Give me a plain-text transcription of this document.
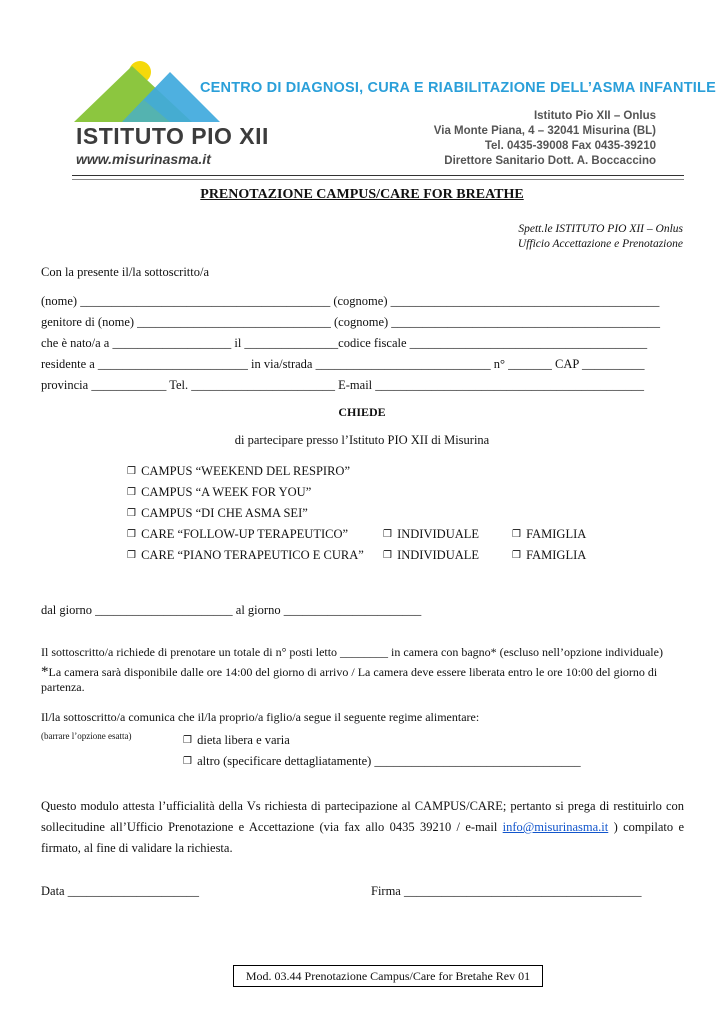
ISTITUTO PIO XII
www.misurinasma.it
CENTRO DI DIAGNOSI, CURA E RIABILITAZIONE DELL’ASMA INFANTILE
Istituto Pio XII – Onlus
Via Monte Piana, 4 – 32041 Misurina (BL)
Tel. 0435-39008 Fax 0435-39210
Direttore Sanitario Dott. A. Boccaccino
PRENOTAZIONE CAMPUS/CARE FOR BREATHE
Spett.le ISTITUTO PIO XII – Onlus
Ufficio Accettazione e Prenotazione
Con la presente il/la sottoscritto/a
(nome) ________________________________________ (cognome) ___________________________________________
genitore di (nome) _______________________________ (cognome) ___________________________________________
che è nato/a a ___________________ il _______________codice fiscale ______________________________________
residente a ________________________ in via/strada ____________________________ n° _______ CAP __________
provincia ____________ Tel. _______________________ E-mail ___________________________________________
CHIEDE
di partecipare presso l’Istituto PIO XII di Misurina
❒ CAMPUS “WEEKEND DEL RESPIRO”
❒ CAMPUS “A WEEK FOR YOU”
❒ CAMPUS “DI CHE ASMA SEI”
❒ CARE “FOLLOW-UP TERAPEUTICO”	❒ INDIVIDUALE	❒ FAMIGLIA
❒ CARE “PIANO TERAPEUTICO E CURA” ❒ INDIVIDUALE	❒ FAMIGLIA
dal giorno ______________________ al giorno ______________________
Il sottoscritto/a richiede di prenotare un totale di n° posti letto ________ in camera con bagno* (escluso nell’opzione individuale)
*La camera sarà disponibile dalle ore 14:00 del giorno di arrivo / La camera deve essere liberata entro le ore 10:00 del giorno di partenza.
Il/la sottoscritto/a comunica che il/la proprio/a figlio/a segue il seguente regime alimentare:
(barrare l’opzione esatta)	❒ dieta libera e varia
❒ altro (specificare dettagliatamente) _________________________________
Questo modulo attesta l’ufficialità della Vs richiesta di partecipazione al CAMPUS/CARE; pertanto si prega di restituirlo con sollecitudine all’Ufficio Prenotazione e Accettazione (via fax allo 0435 39210 / e-mail info@misurinasma.it ) compilato e firmato, al fine di validare la richiesta.
Data _____________________	Firma ______________________________________
Mod. 03.44 Prenotazione Campus/Care for Bretahe Rev 01
